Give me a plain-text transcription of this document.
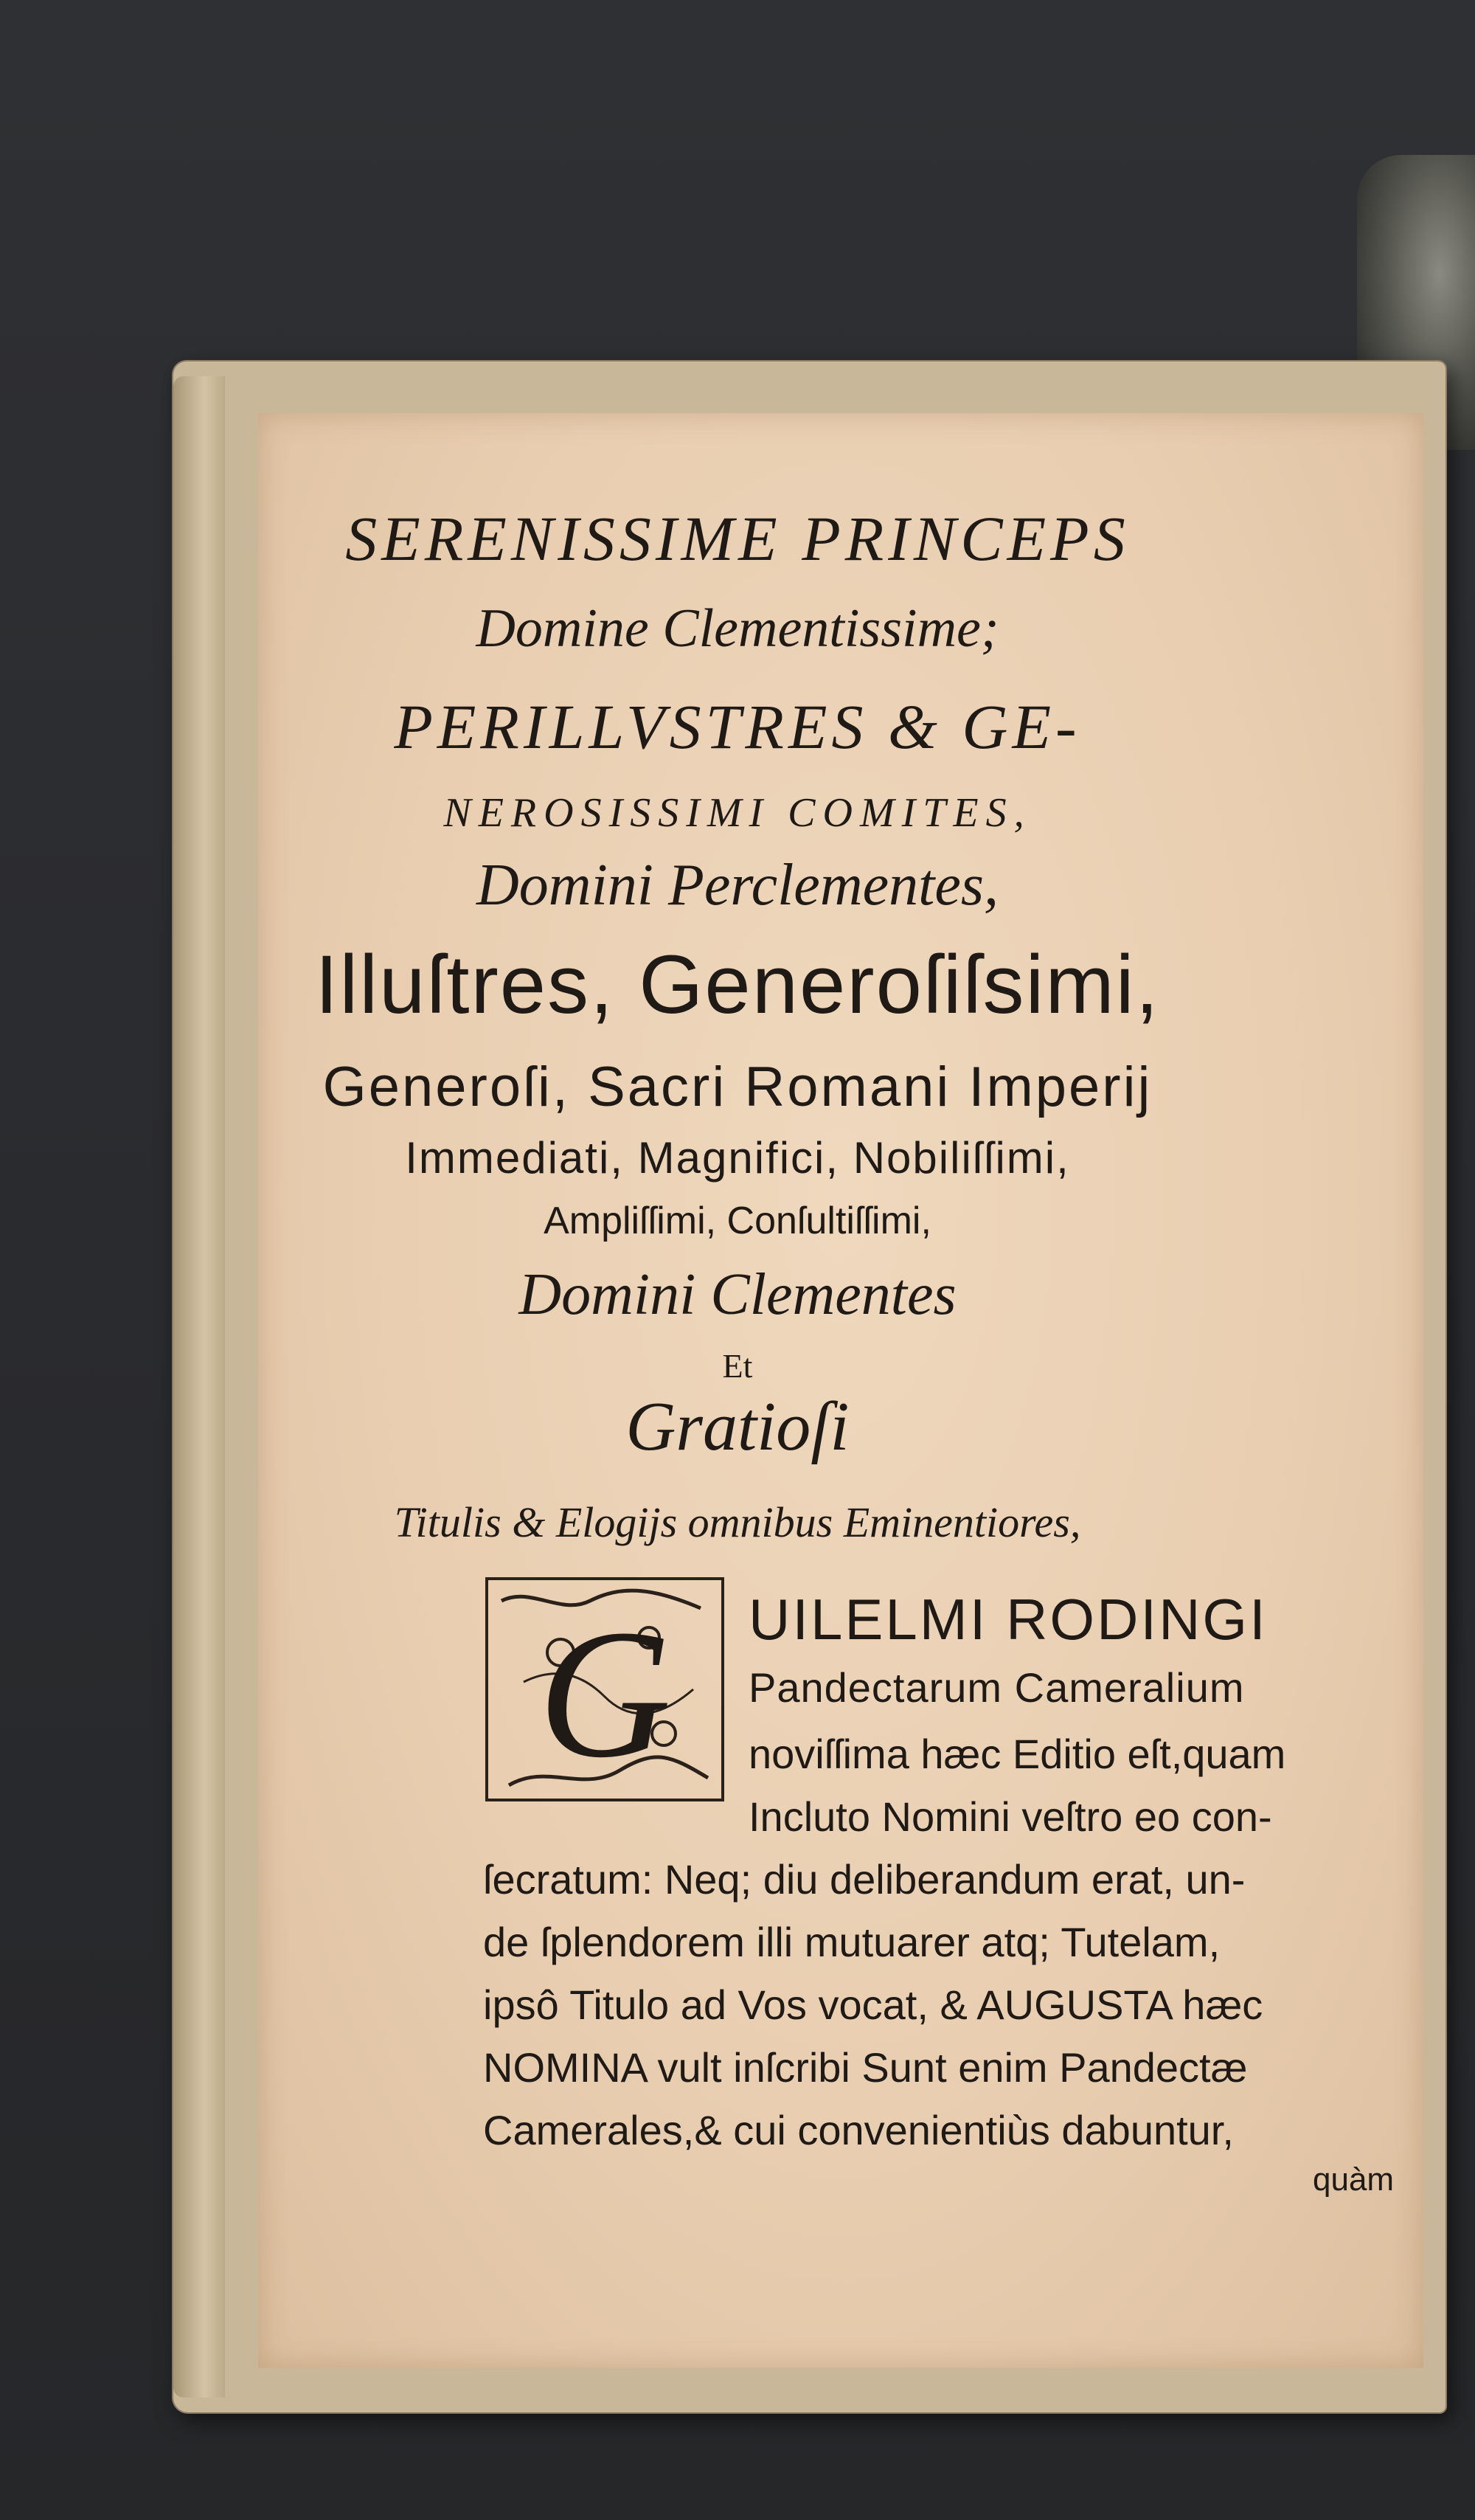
SERENISSIME PRINCEPS
Domine Clementissime;
PERILLVSTRES & GE-
NEROSISSIMI COMITES,
Domini Perclementes,
Illuſtres, Generoſiſsimi,
Generoſi, Sacri Romani Imperij
Immediati, Magnifici, Nobiliſſimi,
Ampliſſimi, Conſultiſſimi,
Domini Clementes
Et
Gratioſi
Titulis & Elogijs omnibus Eminentiores,
G UILELMI RODINGI
Pandectarum Cameralium
noviſſima hæc Editio eſt,quam
Incluto Nomini veſtro eo con-
ſecratum: Neq; diu deliberandum erat, un-
de ſplendorem illi mutuarer atq; Tutelam,
ipsô Titulo ad Vos vocat, & AUGUSTA hæc
NOMINA vult inſcribi Sunt enim Pandectæ
Camerales,& cui convenientiùs dabuntur,
quàm
